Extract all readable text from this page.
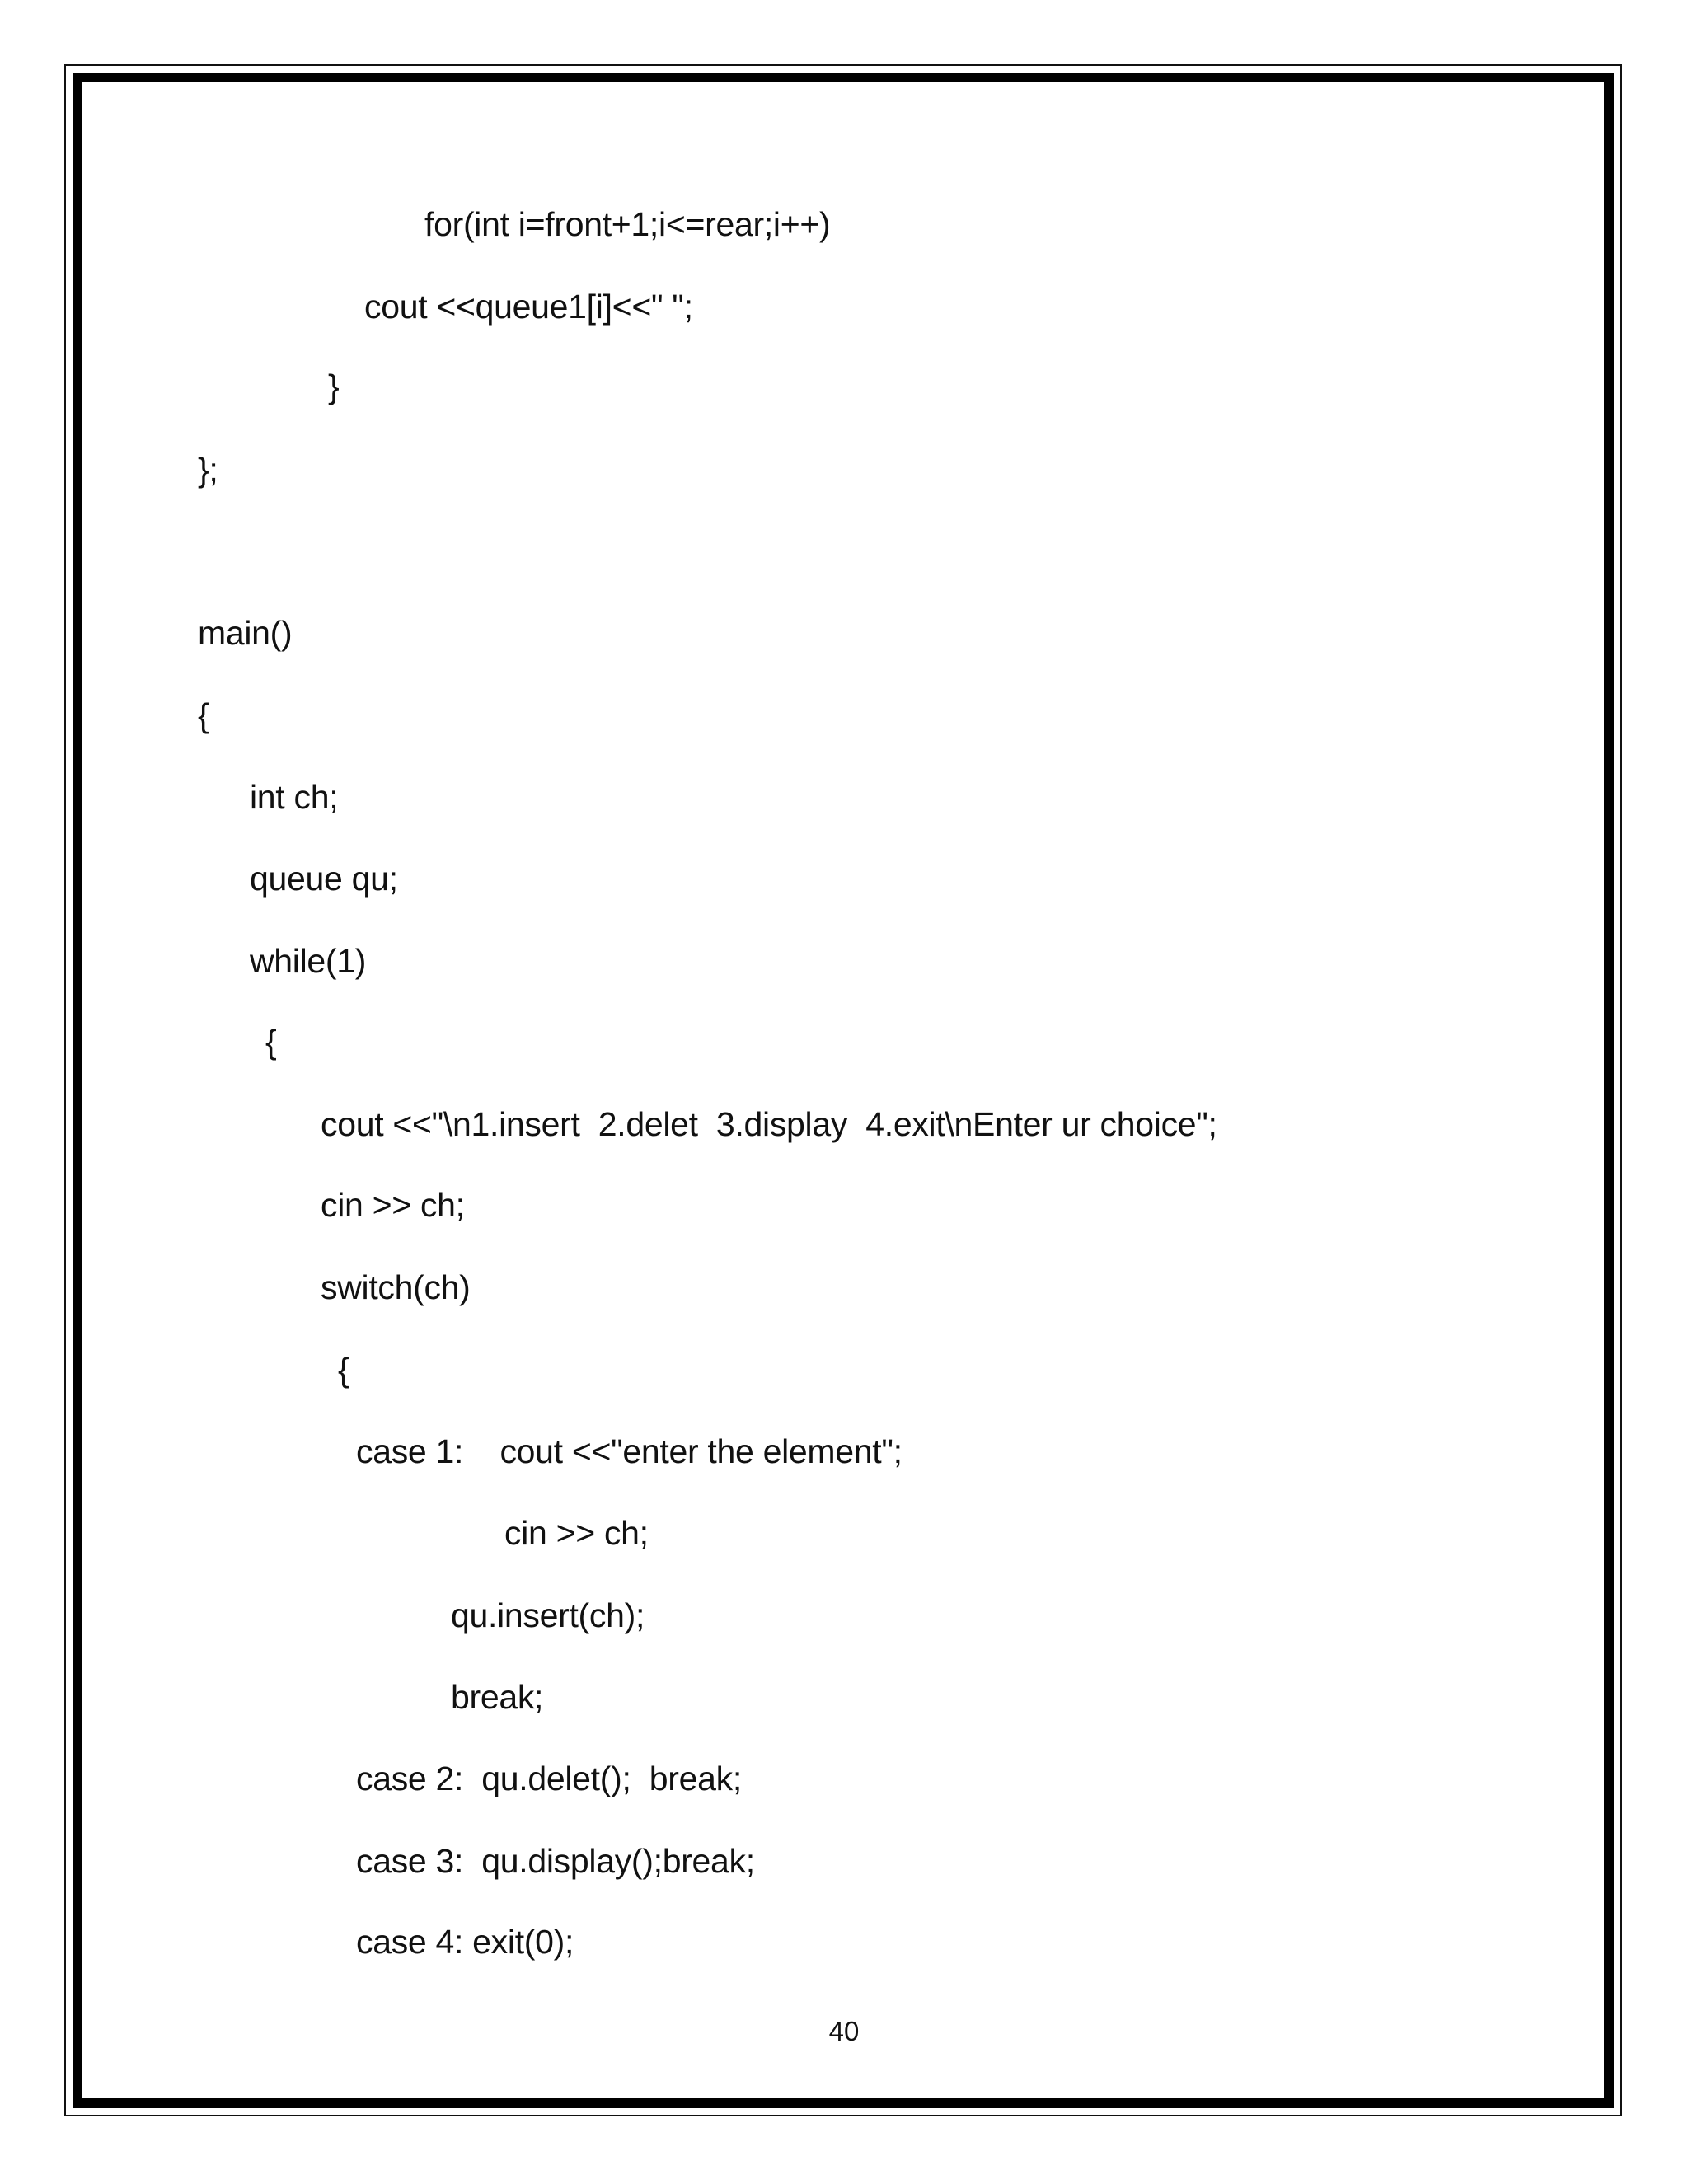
for(int i=front+1;i<=rear;i++)
cout <<queue1[i]<<" ";
}
};
main()
{
int ch;
queue qu;
while(1)
{
cout <<"\n1.insert  2.delet  3.display  4.exit\nEnter ur choice";
cin >> ch;
switch(ch)
{
case 1:    cout <<"enter the element";
cin >> ch;
qu.insert(ch);
break;
case 2:  qu.delet();  break;
case 3:  qu.display();break;
case 4: exit(0);
40
